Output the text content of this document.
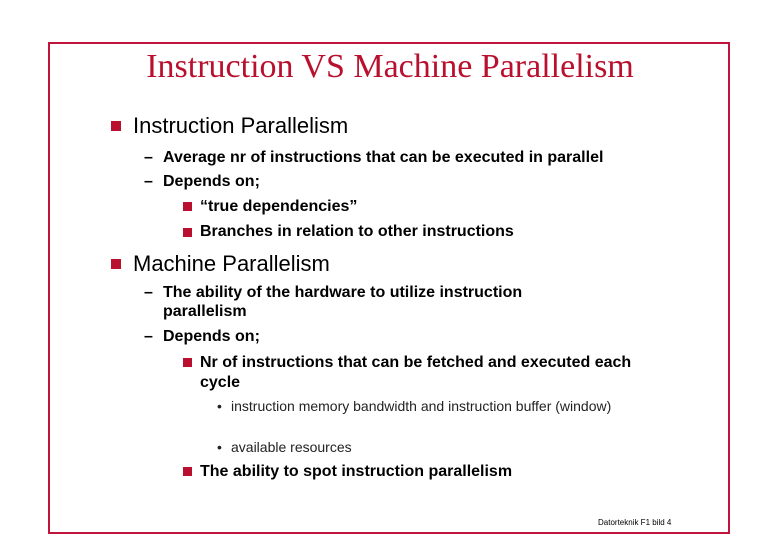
Instruction VS Machine Parallelism
Instruction Parallelism
– Average nr of instructions that can be executed in parallel
– Depends on;
“true dependencies”
Branches in relation to other instructions
Machine Parallelism
– The ability of the hardware to utilize instruction parallelism
– Depends on;
Nr of instructions that can be fetched and executed each cycle
• instruction memory bandwidth and instruction buffer (window)
• available resources
The ability to spot instruction parallelism
Datorteknik F1 bild 4
